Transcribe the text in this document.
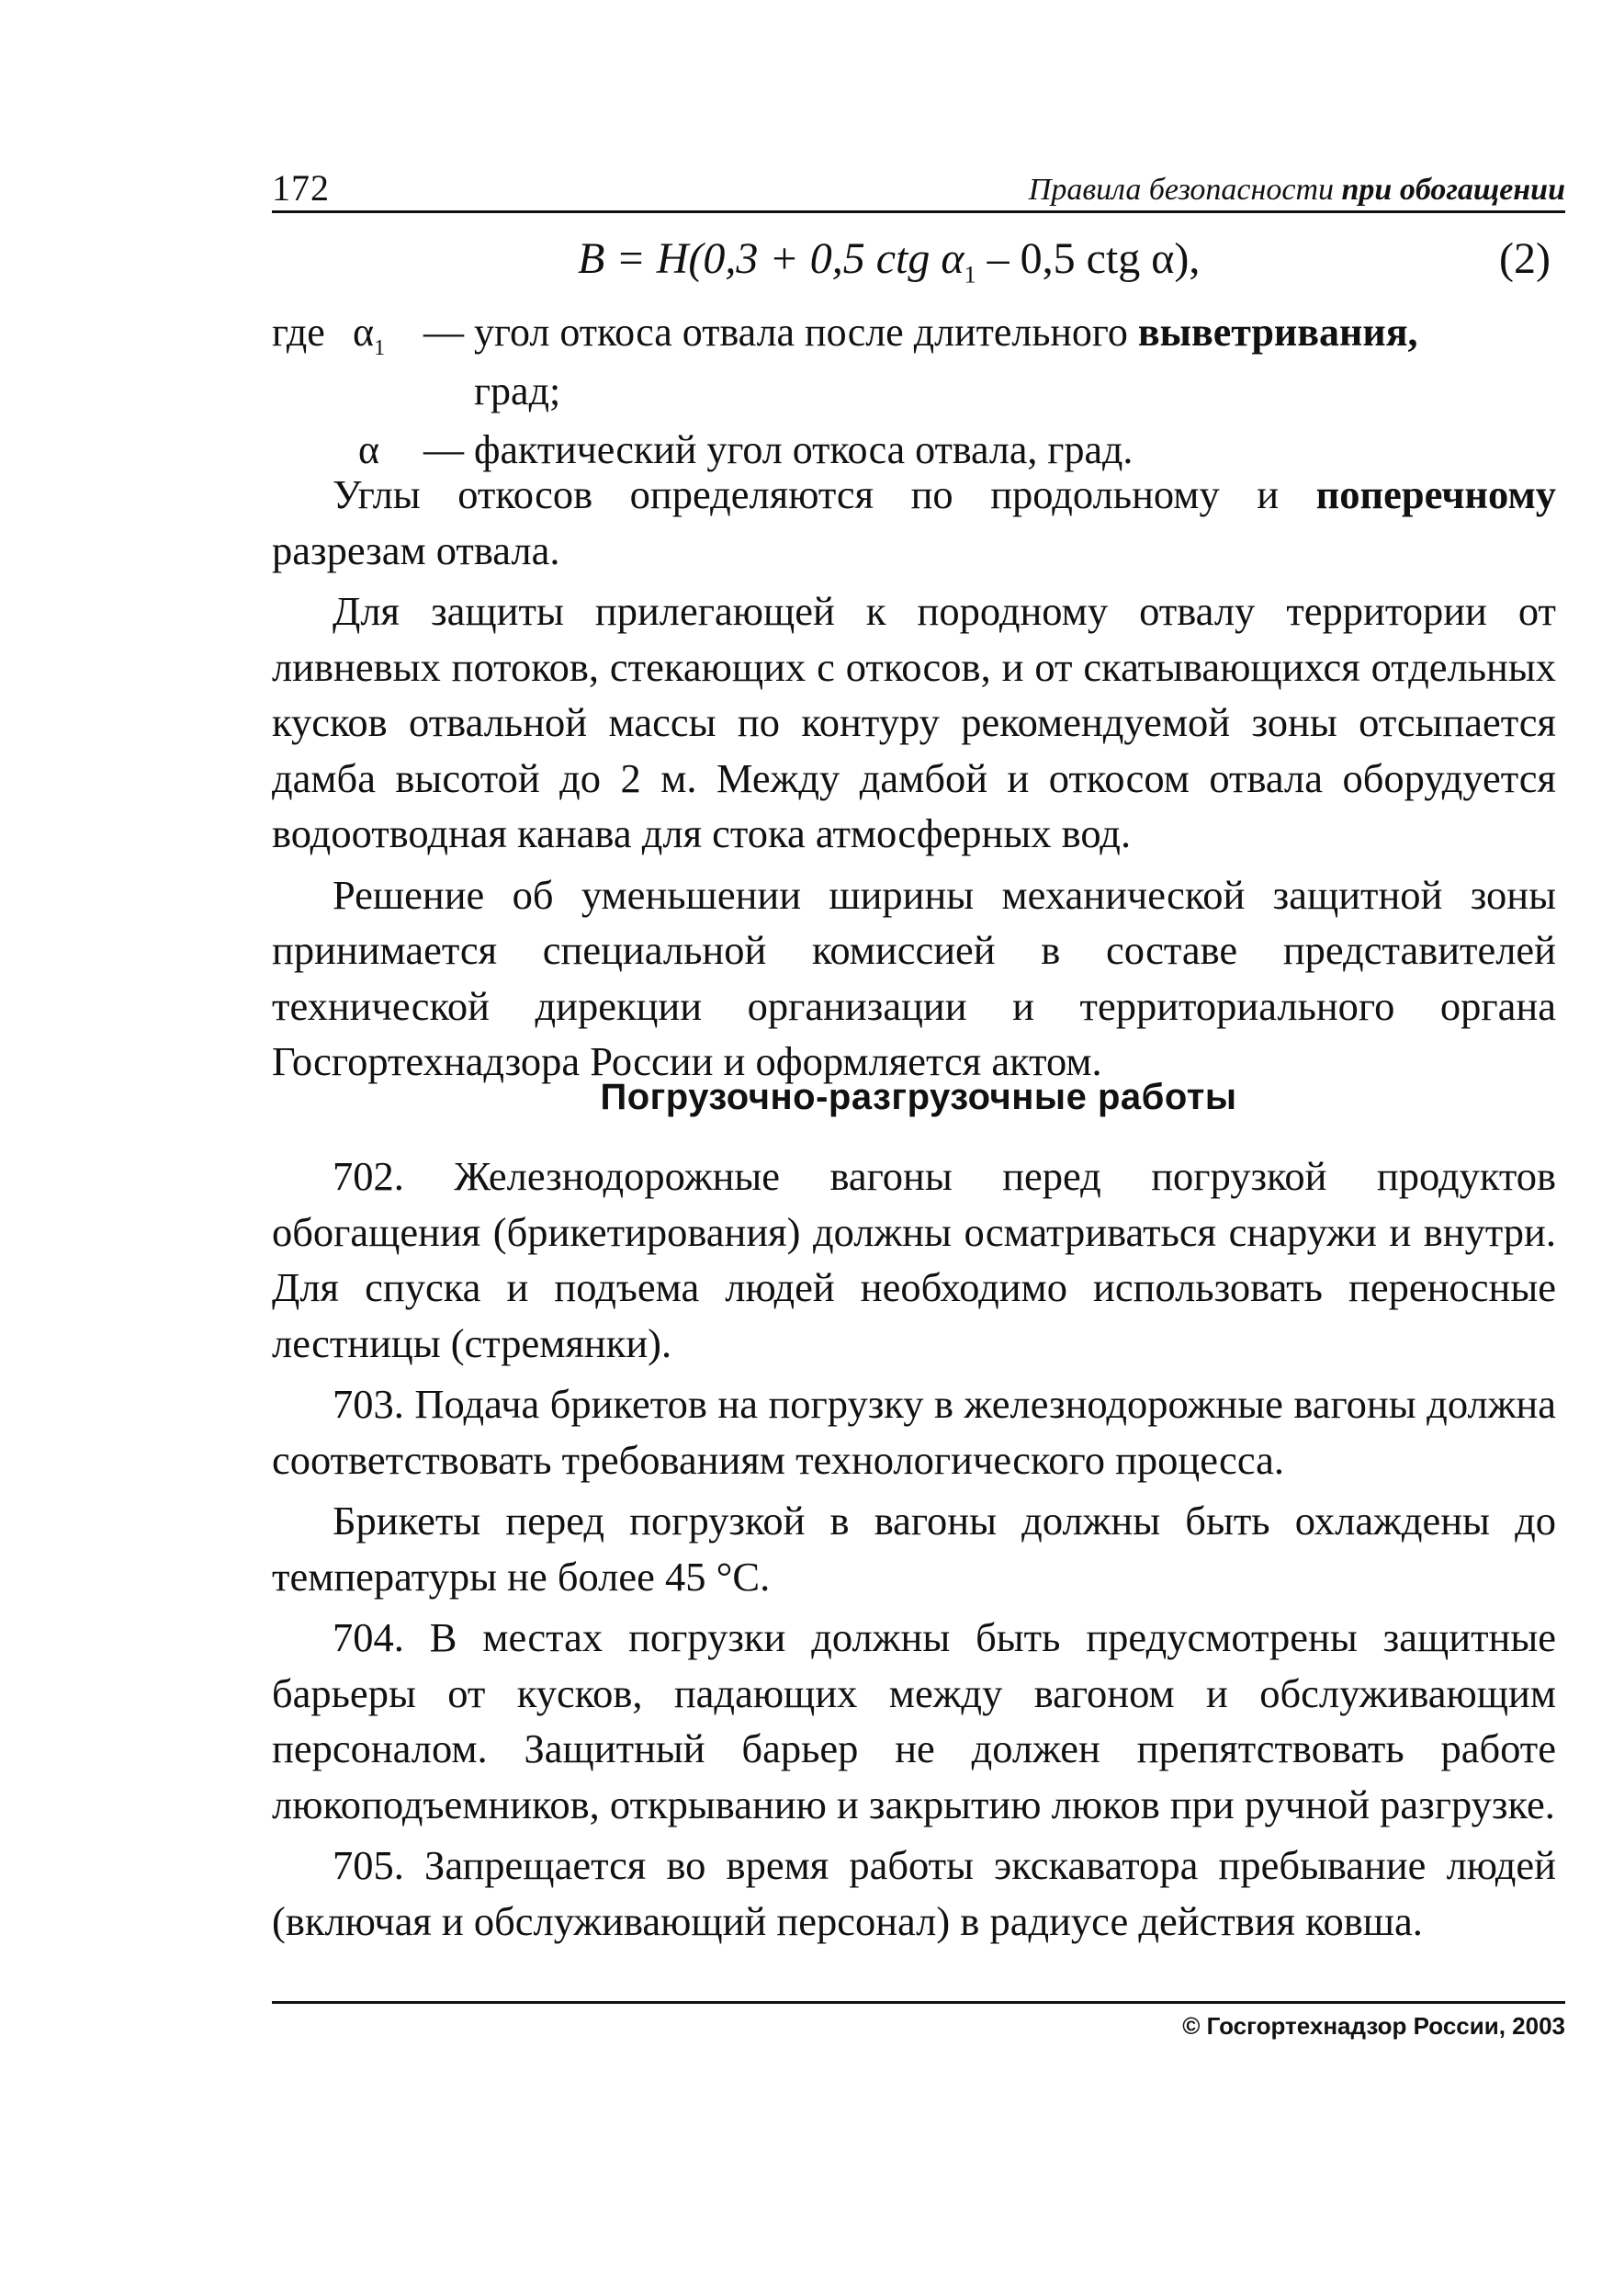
172	Правила безопасности при обогащении
B = H(0,3 + 0,5 ctg $\alpha_1 - 0,5$ ctg α),	(2)
где $\alpha_1$ — угол откоса отвала после длительного выветривания,
град;
α — фактический угол откоса отвала, град.

Углы откосов определяются по продольному и поперечному разрезам отвала.

Для защиты прилегающей к породному отвалу территории от ливневых потоков, стекающих с откосов, и от скатывающихся отдельных кусков отвальной массы по контуру рекомендуемой зоны отсыпается дамба высотой до 2 м. Между дамбой и откосом отвала оборудуется водоотводная канава для стока атмосферных вод.

Решение об уменьшении ширины механической защитной зоны принимается специальной комиссией в составе представителей технической дирекции организации и территориального органа Госгортехнадзора России и оформляется актом.

Погрузочно-разгрузочные работы

702. Железнодорожные вагоны перед погрузкой продуктов обогащения (брикетирования) должны осматриваться снаружи и внутри. Для спуска и подъема людей необходимо использовать переносные лестницы (стремянки).

703. Подача брикетов на погрузку в железнодорожные вагоны должна соответствовать требованиям технологического процесса.

Брикеты перед погрузкой в вагоны должны быть охлаждены до температуры не более 45 °С.

704. В местах погрузки должны быть предусмотрены защитные барьеры от кусков, падающих между вагоном и обслуживающим персоналом. Защитный барьер не должен препятствовать работе люкоподъемников, открыванию и закрытию люков при ручной разгрузке.

705. Запрещается во время работы экскаватора пребывание людей (включая и обслуживающий персонал) в радиусе действия ковша.

© Госгортехнадзор России, 2003
